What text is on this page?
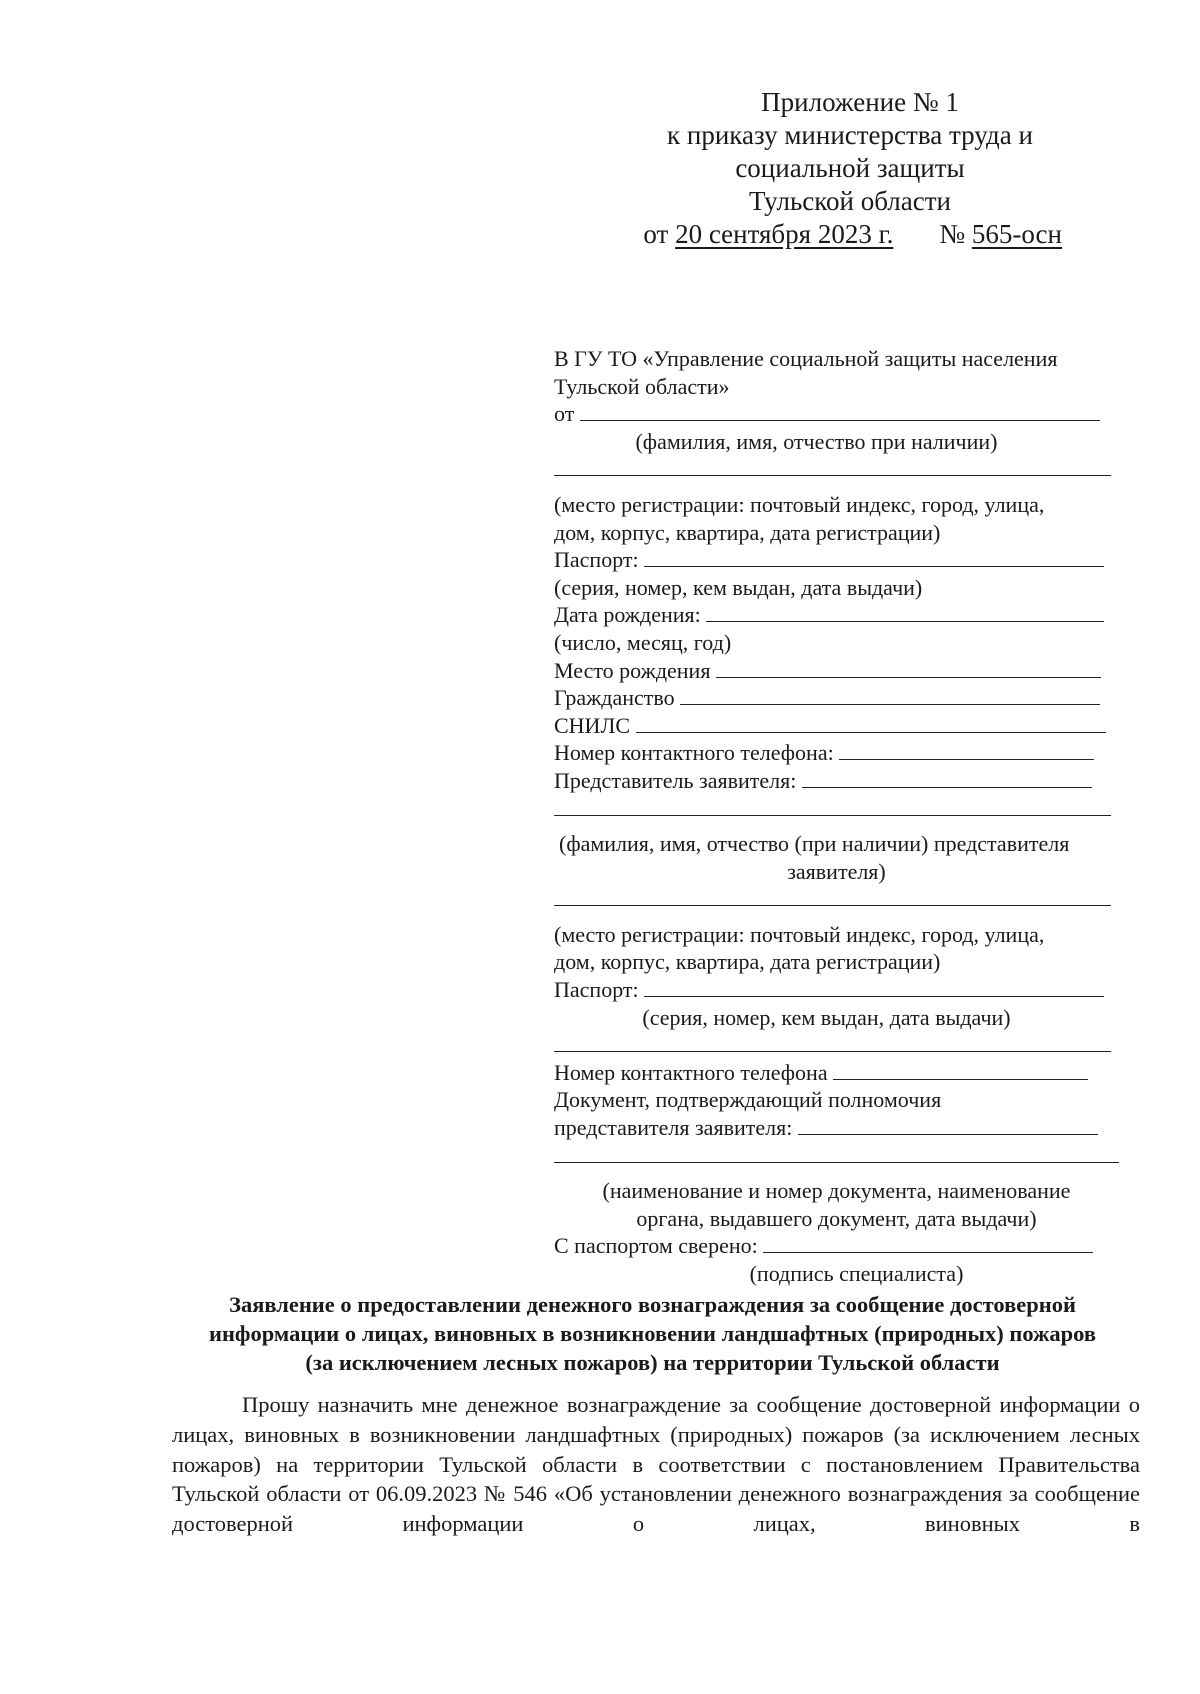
Приложение № 1
к приказу министерства труда и
социальной защиты
Тульской области
от 20 сентября 2023 г. № 565-осн
В ГУ ТО «Управление социальной защиты населения
Тульской области»
от
(фамилия, имя, отчество при наличии)
(место регистрации: почтовый индекс, город, улица,
дом, корпус, квартира, дата регистрации)
Паспорт:
(серия, номер, кем выдан, дата выдачи)
Дата рождения:
(число, месяц, год)
Место рождения
Гражданство
СНИЛС
Номер контактного телефона:
Представитель заявителя:
(фамилия, имя, отчество (при наличии) представителя
заявителя)
(место регистрации: почтовый индекс, город, улица,
дом, корпус, квартира, дата регистрации)
Паспорт:
(серия, номер, кем выдан, дата выдачи)
Номер контактного телефона
Документ, подтверждающий полномочия
представителя заявителя:
(наименование и номер документа, наименование
органа, выдавшего документ, дата выдачи)
С паспортом сверено:
(подпись специалиста)
Заявление о предоставлении денежного вознаграждения за сообщение достоверной
информации о лицах, виновных в возникновении ландшафтных (природных) пожаров
(за исключением лесных пожаров) на территории Тульской области

Прошу назначить мне денежное вознаграждение за сообщение достоверной информации о лицах, виновных в возникновении ландшафтных (природных) пожаров (за исключением лесных пожаров) на территории Тульской области в соответствии с постановлением Правительства Тульской области от 06.09.2023 № 546 «Об установлении денежного вознаграждения за сообщение достоверной информации о лицах, виновных в
